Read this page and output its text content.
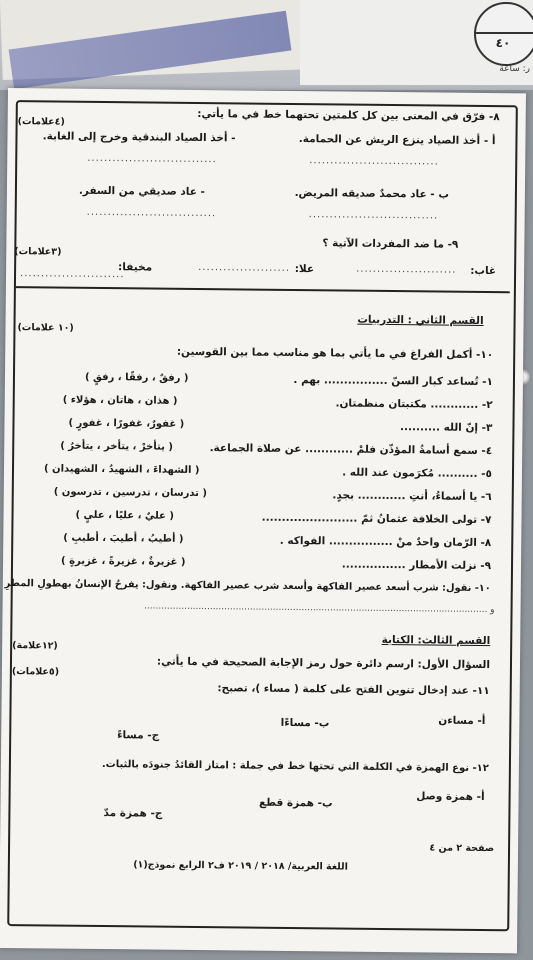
٤٠
ر: ساعة
٨- فرّق في المعنى بين كل كلمتين تحتهما خط في ما يأتي:
(٤علامات)
أ - أخذ الصياد ينزع الريش عن الحمامة.
- أخذ الصياد البندقية وخرج إلى الغابة.
...............................
...............................
ب - عاد محمدٌ صديقه المريض.
- عاد صديقي من السفر.
...............................
...............................
٩- ما ضد المفردات الآتية ؟
(٣علامات)
غاب:
........................
علا:
......................
مخيفا:
.........................
القسم الثاني : التدريبات
(١٠ علامات)
١٠- أكمل الفراغ في ما يأتي بما هو مناسب مما بين القوسين:
١- تُساعد كبار السنّ ................ بهم .
٢- ............ مكتبتان منظمتان.
٣- إنّ الله ..........
٤- سمع أسامةُ المؤذّن فلمْ ............ عن صلاة الجماعة.
٥- .......... مُكرَمون عند الله .
٦- يا أسماءُ، أنتِ ............ بجدٍ.
٧- تولى الخلافة عثمانُ ثمّ ........................
٨- الرّمان واحدٌ منْ ................ الفواكه .
٩- نزلت الأمطار ................
١٠- نقول: شرب أسعد عصير الفاكهة وأسعد شرب عصير الفاكهة. ونقول: يفرحُ الإنسانُ بهطولِ المطرِ
و ........................................................................................................................
( رفقٌ ، رفقًا ، رفقٍ )
( هذان ، هاتان ، هؤلاء )
( غفورٌ، غفورًا ، غفورٍ )
( يتأخرْ ، يتأخر ، يتأخرُ )
( الشهداءَ ، الشهيدُ ، الشهيدان )
( تدرسان ، تدرسين ، تدرسون )
( عليٌ ، عليًا ، عليٍ )
( أطيبُ ، أطيبَ ، أطيبِ )
( غزيرةٌ ، غزيرةً ، غزيرةٍ )
القسم الثالث: الكتابة
(١٢علامة)
السؤال الأول: ارسم دائرة حول رمز الإجابة الصحيحة في ما يأتي:
(٥علامات)
١١- عند إدخال تنوين الفتح على كلمة ( مساء )، تصبح:
أ- مساءن
ب- مساءًا
ج- مساءً
١٢- نوع الهمزة في الكلمة التي تحتها خط في جملة : امتاز القائدُ جنودَه بالثبات.
أ- همزة وصل
ب- همزة قطع
ج- همزة مدّ
صفحة ٢ من ٤
اللغة العربية/ ٢٠١٨ / ٢٠١٩ ف٢ الرابع نموذج(١)
